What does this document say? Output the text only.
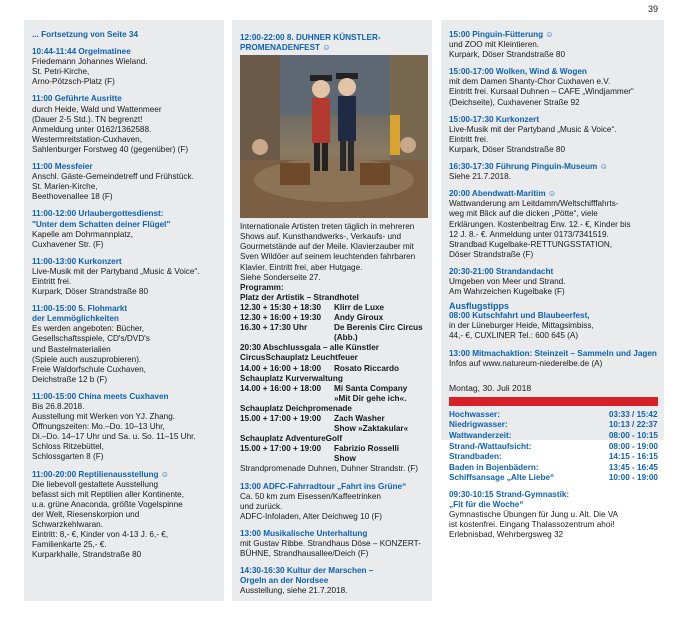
39
... Fortsetzung von Seite 34
10:44-11:44 Orgelmatinee
Friedemann Johannes Wieland.
St. Petri-Kirche,
Arno-Pötzsch-Platz (F)
11:00 Geführte Ausritte
durch Heide, Wald und Wattenmeer
(Dauer 2-5 Std.). TN begrenzt!
Anmeldung unter 0162/1362588.
Westermreitstation-Cuxhaven,
Sahlenburger Forstweg 40 (gegenüber) (F)
11:00 Messfeier
Anschl. Gäste-Gemeindetreff und Frühstück.
St. Marien-Kirche,
Beethovenallee 18 (F)
11:00-12:00 Urlaubergottesdienst:
"Unter dem Schatten deiner Flügel"
Kapelle am Dohrmannplatz,
Cuxhavener Str. (F)
11:00-13:00 Kurkonzert
Live-Musik mit der Partyband „Music & Voice“.
Eintritt frei.
Kurpark, Döser Strandstraße 80
11:00-15:00 5. Flohmarkt
der Lemmöglichkeiten
Es werden angeboten: Bücher,
Gesellschaftsspiele, CD's/DVD's
und Bastelmaterialien
(Spiele auch auszuprobieren).
Freie Waldorfschule Cuxhaven,
Deichstraße 12 b (F)
11:00-15:00 China meets Cuxhaven
Bis 26.8.2018.
Ausstellung mit Werken von YJ. Zhang.
Öffnungszeiten: Mo.–Do. 10–13 Uhr,
Di.–Do. 14–17 Uhr und Sa. u. So. 11–15 Uhr.
Schloss Ritzebüttel,
Schlossgarten 8 (F)
11:00-20:00 Reptilienausstellung ☺
Die liebevoll gestaltete Ausstellung
befasst sich mit Reptilien aller Kontinente,
u.a. grüne Anaconda, größte Vogelspinne
der Welt, Riesenskorpion und
Schwarzkehlwaran.
Eintritt: 8,- €, Kinder von 4-13 J. 6,- €,
Familienkarte 25,- €.
Kurparkhalle, Strandstraße 80
12:00-22:00 8. DUHNER KÜNSTLER-
PROMENADENFEST ☺
Internationale Artisten treten täglich in mehreren
Shows auf. Kunsthandwerks-, Verkaufs- und
Gourmetstände auf der Meile. Klavierzauber mit
Sven Wildöer auf seinem leuchtenden fahrbaren
Klavier. Eintritt frei, aber Hutgage.
Siehe Sonderseite 27.
Programm:
Platz der Artistik – Strandhotel
12.30 + 15:30 + 18:30	Klirr de Luxe
12.30 + 16:00 + 19:30	Andy Giroux
16.30 + 17:30 Uhr	De Berenis Circ Circus
(Abb.)
20:30 Abschlussgala – alle Künstler
CircusSchauplatz Leuchtfeuer
14.00 + 16:00 + 18:00	Rosato Riccardo
Schauplatz Kurverwaltung
14.00 + 16:00 + 18:00	Mi Santa Company
»Mit Dir gehe ich«.
Schauplatz Deichpromenade
15.00 + 17:00 + 19:00	Zach Washer
Show »Zaktakular«
Schauplatz AdventureGolf
15.00 + 17:00 + 19:00	Fabrizio Rosselli
Show
Strandpromenade Duhnen, Duhner Strandstr. (F)
13:00 ADFC-Fahrradtour „Fahrt ins Grüne“
Ca. 50 km zum Eisessen/Kaffeetrinken
und zurück.
ADFC-Infoladen, Alter Deichweg 10 (F)
13:00 Musikalische Unterhaltung
mit Gustav Ribbe. Strandhaus Döse – KONZERT-
BÜHNE, Strandhausallee/Deich (F)
14:30-16:30 Kultur der Marschen –
Orgeln an der Nordsee
Ausstellung, siehe 21.7.2018.
15:00 Pinguin-Fütterung ☺
und ZOO mit Kleintieren.
Kurpark, Döser Strandstraße 80
15:00-17:00 Wolken, Wind & Wogen
mit dem Damen Shanty-Chor Cuxhaven e.V.
Eintritt frei. Kursaal Duhnen – CAFE „Windjammer“
(Deichseite), Cuxhavener Straße 92
15:00-17:30 Kurkonzert
Live-Musik mit der Partyband „Music & Voice“.
Eintritt frei.
Kurpark, Döser Strandstraße 80
16:30-17:30 Führung Pinguin-Museum ☺
Siehe 21.7.2018.
20:00 Abendwatt-Maritim ☺
Wattwanderung am Leitdamm/Weltschifffahrts-
weg mit Blick auf die dicken „Pötte“, viele
Erklärungen. Kostenbeitrag Erw. 12.- €, Kinder bis
12 J. 8.- €. Anmeldung unter 0173/7341519.
Strandbad Kugelbake-RETTUNGSSTATION,
Döser Strandstraße (F)
20:30-21:00 Strandandacht
Umgeben von Meer und Strand.
Am Wahrzeichen Kugelbake (F)
Ausflugstipps
08:00 Kutschfahrt und Blaubeerfest,
in der Lüneburger Heide, Mittagsimbiss,
44,- €, CUXLINER Tel.: 600 645 (A)
13:00 Mitmachaktion: Steinzeit – Sammeln und Jagen
Infos auf www.natureum-niederelbe.de (A)
Montag, 30. Juli 2018
Hochwasser:	03:33 / 15:42
Niedrigwasser:	10:13 / 22:37
Wattwanderzeit:	08:00 - 10:15
Strand-/Wattaufsicht:	08:00 - 19:00
Strandbaden:	14:15 - 16:15
Baden in Bojenbädern:	13:45 - 16:45
Schiffsansage „Alte Liebe“	10:00 - 19:00
09:30-10:15 Strand-Gymnastik:
„Fit für die Woche“
Gymnastische Übungen für Jung u. Alt. Die VA
ist kostenfrei. Eingang Thalassozentrum ahoi!
Erlebnisbad, Wehrbergsweg 32
